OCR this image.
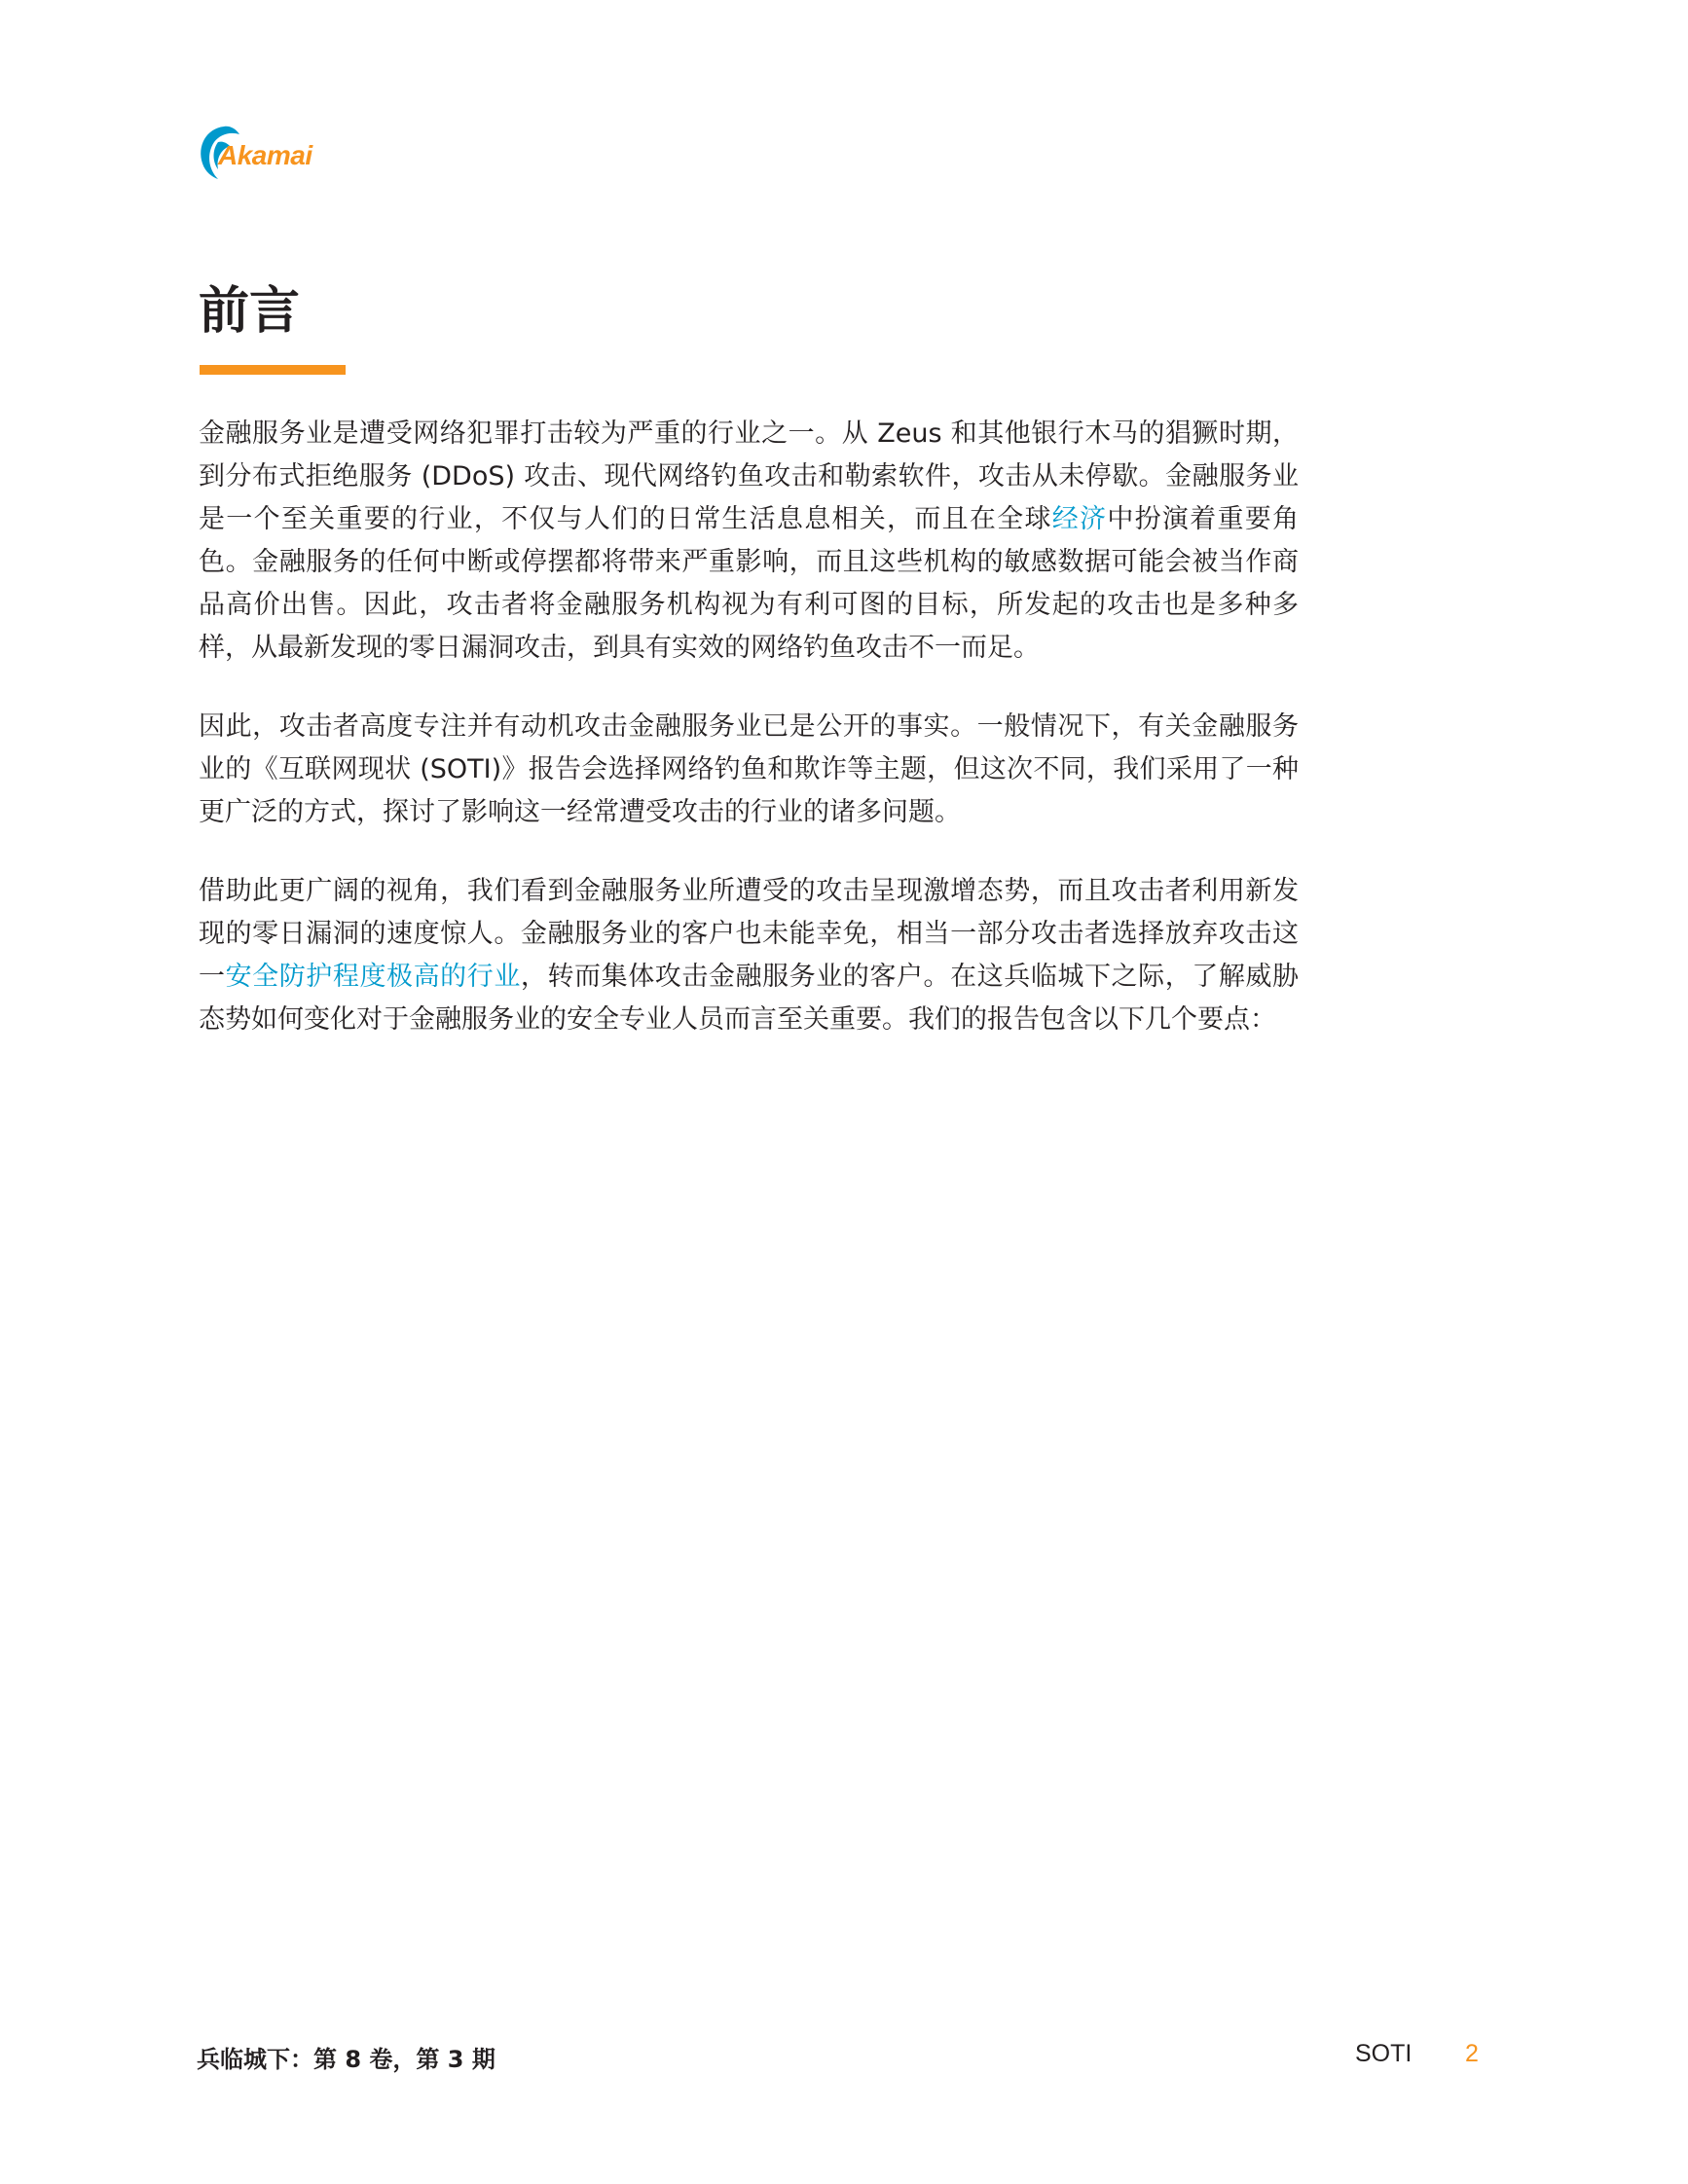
Akamai
前言

金融服务业是遭受网络犯罪打击较为严重的行业之一。从 Zeus 和其他银行木马的猖獗时期，到分布式拒绝服务 (DDoS) 攻击、现代网络钓鱼攻击和勒索软件，攻击从未停歇。金融服务业是一个至关重要的行业，不仅与人们的日常生活息息相关，而且在全球经济中扮演着重要角色。金融服务的任何中断或停摆都将带来严重影响，而且这些机构的敏感数据可能会被当作商品高价出售。因此，攻击者将金融服务机构视为有利可图的目标，所发起的攻击也是多种多样，从最新发现的零日漏洞攻击，到具有实效的网络钓鱼攻击不一而足。

因此，攻击者高度专注并有动机攻击金融服务业已是公开的事实。一般情况下，有关金融服务业的《互联网现状 (SOTI)》报告会选择网络钓鱼和欺诈等主题，但这次不同，我们采用了一种更广泛的方式，探讨了影响这一经常遭受攻击的行业的诸多问题。

借助此更广阔的视角，我们看到金融服务业所遭受的攻击呈现激增态势，而且攻击者利用新发现的零日漏洞的速度惊人。金融服务业的客户也未能幸免，相当一部分攻击者选择放弃攻击这一安全防护程度极高的行业，转而集体攻击金融服务业的客户。在这兵临城下之际，了解威胁态势如何变化对于金融服务业的安全专业人员而言至关重要。我们的报告包含以下几个要点：

兵临城下：第 8 卷，第 3 期	SOTI 2
